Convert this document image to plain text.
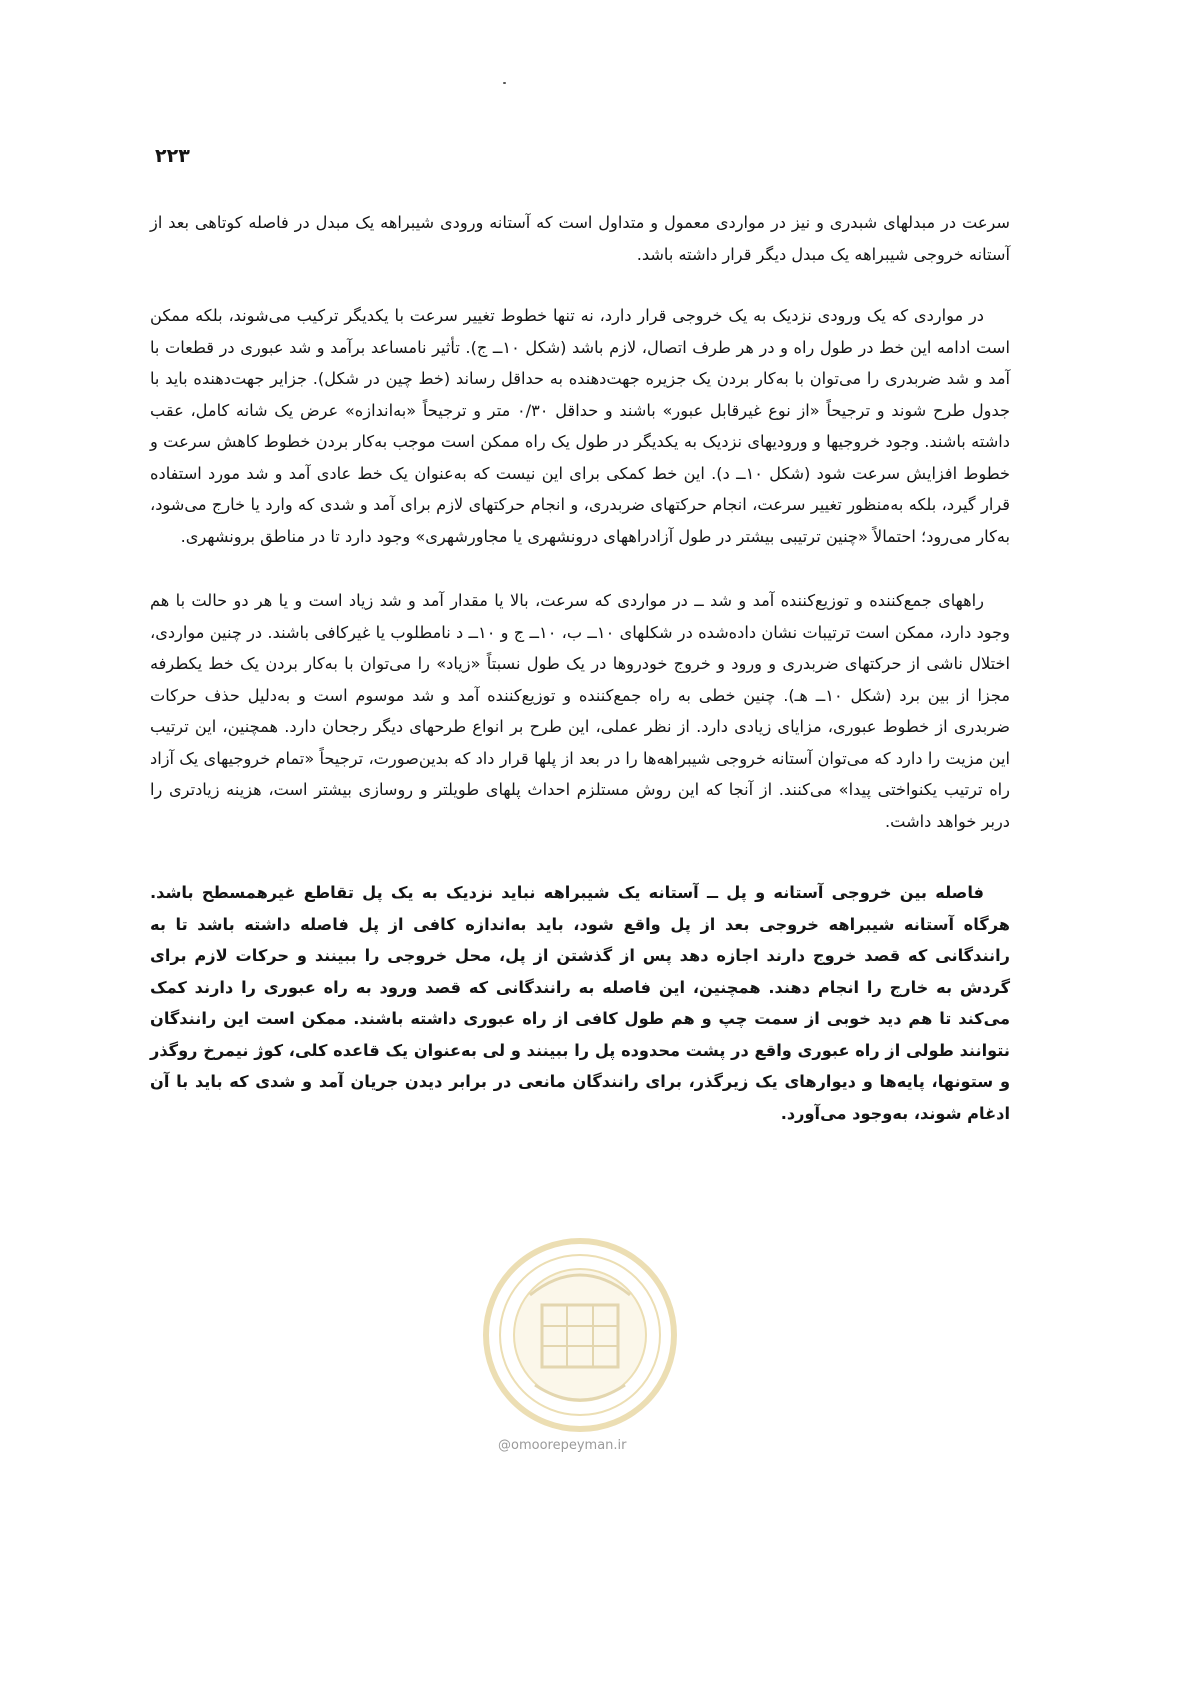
۲۲۳

سرعت در مبدلهای شبدری و نیز در مواردی معمول و متداول است که آستانه ورودی شیبراهه یک مبدل در فاصله کوتاهی بعد از آستانه خروجی شیبراهه یک مبدل دیگر قرار داشته باشد.

در مواردی که یک ورودی نزدیک به یک خروجی قرار دارد، نه تنها خطوط تغییر سرعت با یکدیگر ترکیب می‌شوند، بلکه ممکن است ادامه این خط در طول راه و در هر طرف اتصال، لازم باشد (شکل ۱۰ــ ج). تأثیر نامساعد برآمد و شد عبوری در قطعات با آمد و شد ضربدری را می‌توان با به‌کار بردن یک جزیره جهت‌دهنده به حداقل رساند (خط چین در شکل). جزایر جهت‌دهنده باید با جدول طرح شوند و ترجیحاً «از نوع غیرقابل عبور» باشند و حداقل ۰/۳۰ متر و ترجیحاً «به‌اندازه» عرض یک شانه کامل، عقب داشته باشند. وجود خروجیها و ورودیهای نزدیک به یکدیگر در طول یک راه ممکن است موجب به‌کار بردن خطوط کاهش سرعت و خطوط افزایش سرعت شود (شکل ۱۰ــ د). این خط کمکی برای این نیست که به‌عنوان یک خط عادی آمد و شد مورد استفاده قرار گیرد، بلکه به‌منظور تغییر سرعت، انجام حرکتهای ضربدری، و انجام حرکتهای لازم برای آمد و شدی که وارد یا خارج می‌شود، به‌کار می‌رود؛ احتمالاً «چنین ترتیبی بیشتر در طول آزادراههای درونشهری یا مجاورشهری» وجود دارد تا در مناطق برونشهری.

راههای جمع‌کننده و توزیع‌کننده آمد و شد ــ در مواردی که سرعت، بالا یا مقدار آمد و شد زیاد است و یا هر دو حالت با هم وجود دارد، ممکن است ترتیبات نشان داده‌شده در شکلهای ۱۰ــ ب، ۱۰ــ ج و ۱۰ــ د نامطلوب یا غیرکافی باشند. در چنین مواردی، اختلال ناشی از حرکتهای ضربدری و ورود و خروج خودروها در یک طول نسبتاً «زیاد» را می‌توان با به‌کار بردن یک خط یکطرفه مجزا از بین برد (شکل ۱۰ــ هـ). چنین خطی به راه جمع‌کننده و توزیع‌کننده آمد و شد موسوم است و به‌دلیل حذف حرکات ضربدری از خطوط عبوری، مزایای زیادی دارد. از نظر عملی، این طرح بر انواع طرحهای دیگر رجحان دارد. همچنین، این ترتیب این مزیت را دارد که می‌توان آستانه خروجی شیبراهه‌ها را در بعد از پلها قرار داد که بدین‌صورت، ترجیحاً «تمام خروجیهای یک آزاد راه ترتیب یکنواختی پیدا» می‌کنند. از آنجا که این روش مستلزم احداث پلهای طویلتر و روسازی بیشتر است، هزینه زیادتری را دربر خواهد داشت.

فاصله بین خروجی آستانه و پل ــ آستانه یک شیبراهه نباید نزدیک به یک پل تقاطع غیرهمسطح باشد. هرگاه آستانه شیبراهه خروجی بعد از پل واقع شود، باید به‌اندازه کافی از پل فاصله داشته باشد تا به رانندگانی که قصد خروج دارند اجازه دهد پس از گذشتن از پل، محل خروجی را ببینند و حرکات لازم برای گردش به خارج را انجام دهند. همچنین، این فاصله به رانندگانی که قصد ورود به راه عبوری را دارند کمک می‌کند تا هم دید خوبی از سمت چپ و هم طول کافی از راه عبوری داشته باشند. ممکن است این رانندگان نتوانند طولی از راه عبوری واقع در پشت محدوده پل را ببینند و لی به‌عنوان یک قاعده کلی، کوژ نیمرخ روگذر و ستونها، پایه‌ها و دیوارهای یک زیرگذر، برای رانندگان مانعی در برابر دیدن جریان آمد و شدی که باید با آن ادغام شوند، به‌وجود می‌آورد.

@omoorepeyman.ir
